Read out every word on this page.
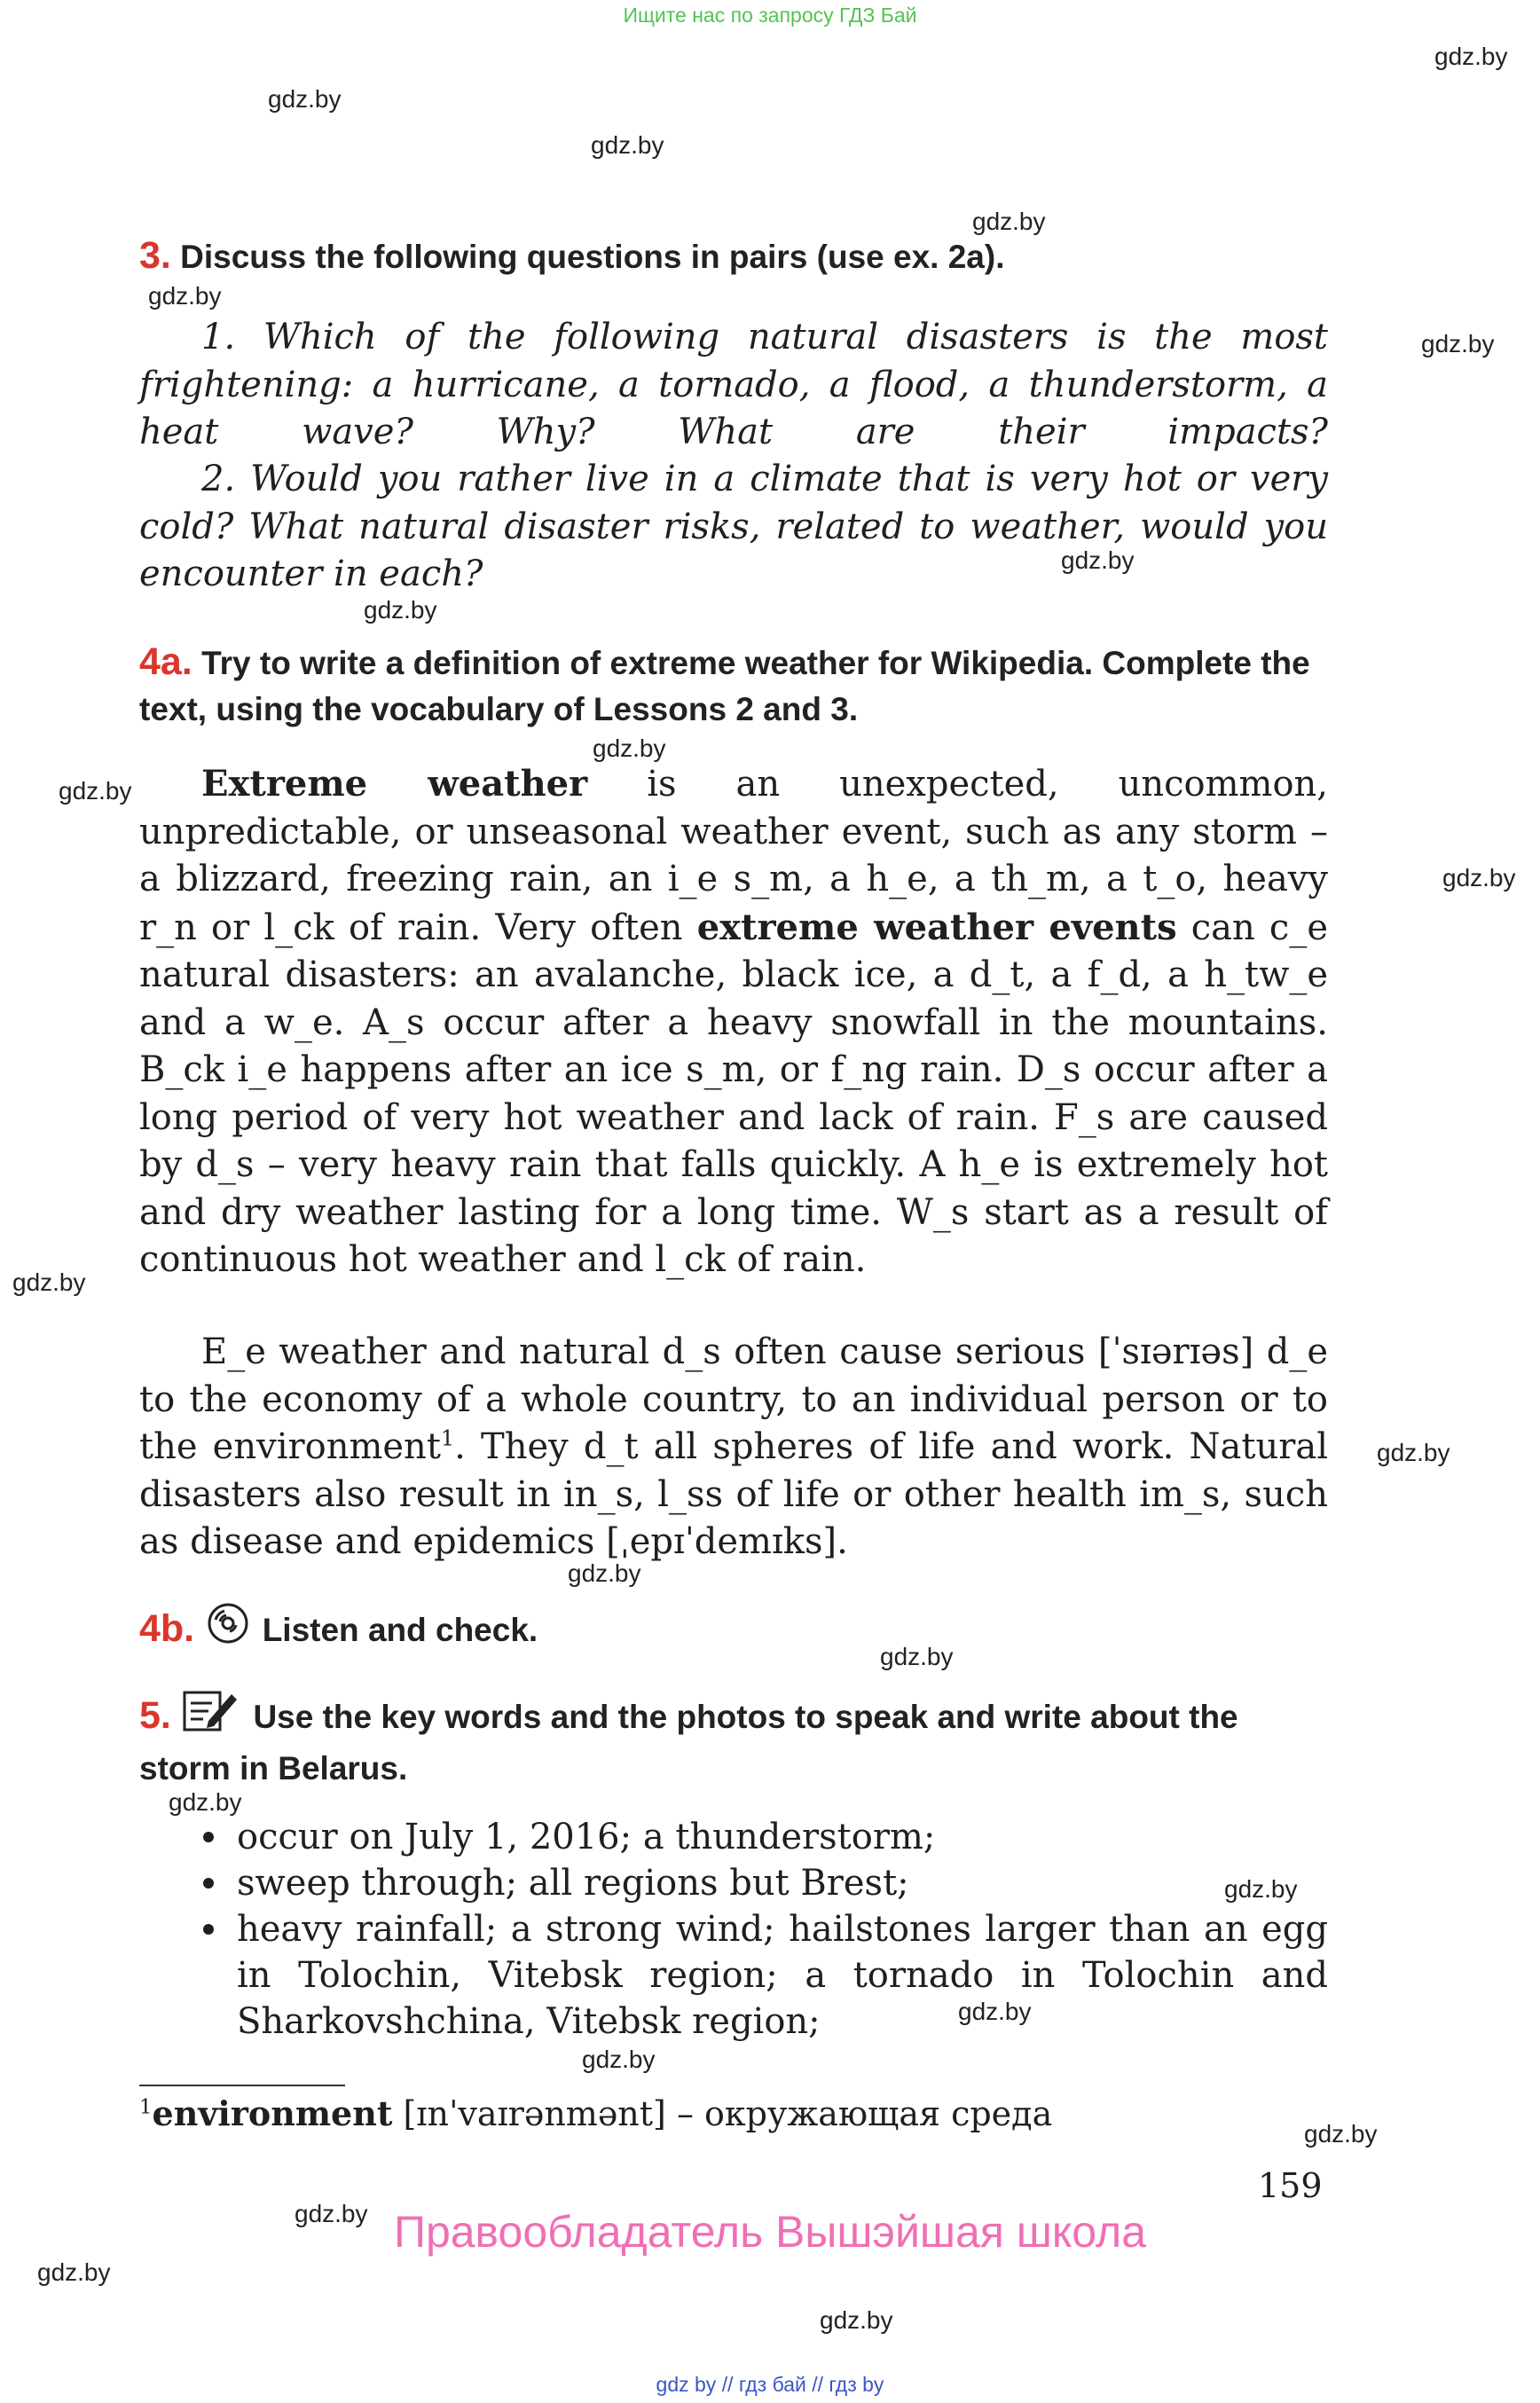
Ищите нас по запросу ГДЗ Бай
gdz.by
gdz.by
gdz.by
gdz.by
gdz.by
gdz.by
gdz.by
gdz.by
gdz.by
gdz.by
gdz.by
gdz.by
gdz.by
gdz.by
gdz.by
gdz.by
gdz.by
gdz.by
gdz.by
gdz.by
gdz.by
gdz.by
gdz.by
3. Discuss the following questions in pairs (use ex. 2a).
1. Which of the following natural disasters is the most frightening: a hurricane, a tornado, a flood, a thunderstorm, a heat wave? Why? What are their impacts?
2. Would you rather live in a climate that is very hot or very cold? What natural disaster risks, related to weather, would you encounter in each?
4a. Try to write a definition of extreme weather for Wikipedia. Complete the text, using the vocabulary of Lessons 2 and 3.
Extreme weather is an unexpected, uncommon, unpredictable, or unseasonal weather event, such as any storm – a blizzard, freezing rain, an i_e s_m, a h_e, a th_m, a t_o, heavy r_n or l_ck of rain. Very often extreme weather events can c_e natural disasters: an avalanche, black ice, a d_t, a f_d, a h_tw_e and a w_e. A_s occur after a heavy snowfall in the mountains. B_ck i_e happens after an ice s_m, or f_ng rain. D_s occur after a long period of very hot weather and lack of rain. F_s are caused by d_s – very heavy rain that falls quickly. A h_e is extremely hot and dry weather lasting for a long time. W_s start as a result of continuous hot weather and l_ck of rain.
E_e weather and natural d_s often cause serious [ˈsɪərɪəs] d_e to the economy of a whole country, to an individual person or to the environment$^1$. They d_t all spheres of life and work. Natural disasters also result in in_s, l_ss of life or other health im_s, such as disease and epidemics [ˌepɪˈdemɪks].
4b. Listen and check.
5.	Use the key words and the photos to speak and write about the storm in Belarus.
occur on July 1, 2016; a thunderstorm;
sweep through; all regions but Brest;
heavy rainfall; a strong wind; hailstones larger than an egg in Tolochin, Vitebsk region; a tornado in Tolochin and Sharkovshchina, Vitebsk region;
$^1$environment [ɪnˈvaɪrənmənt] – окружающая среда
159
Правообладатель Вышэйшая школа
gdz by // гдз бай // гдз by
